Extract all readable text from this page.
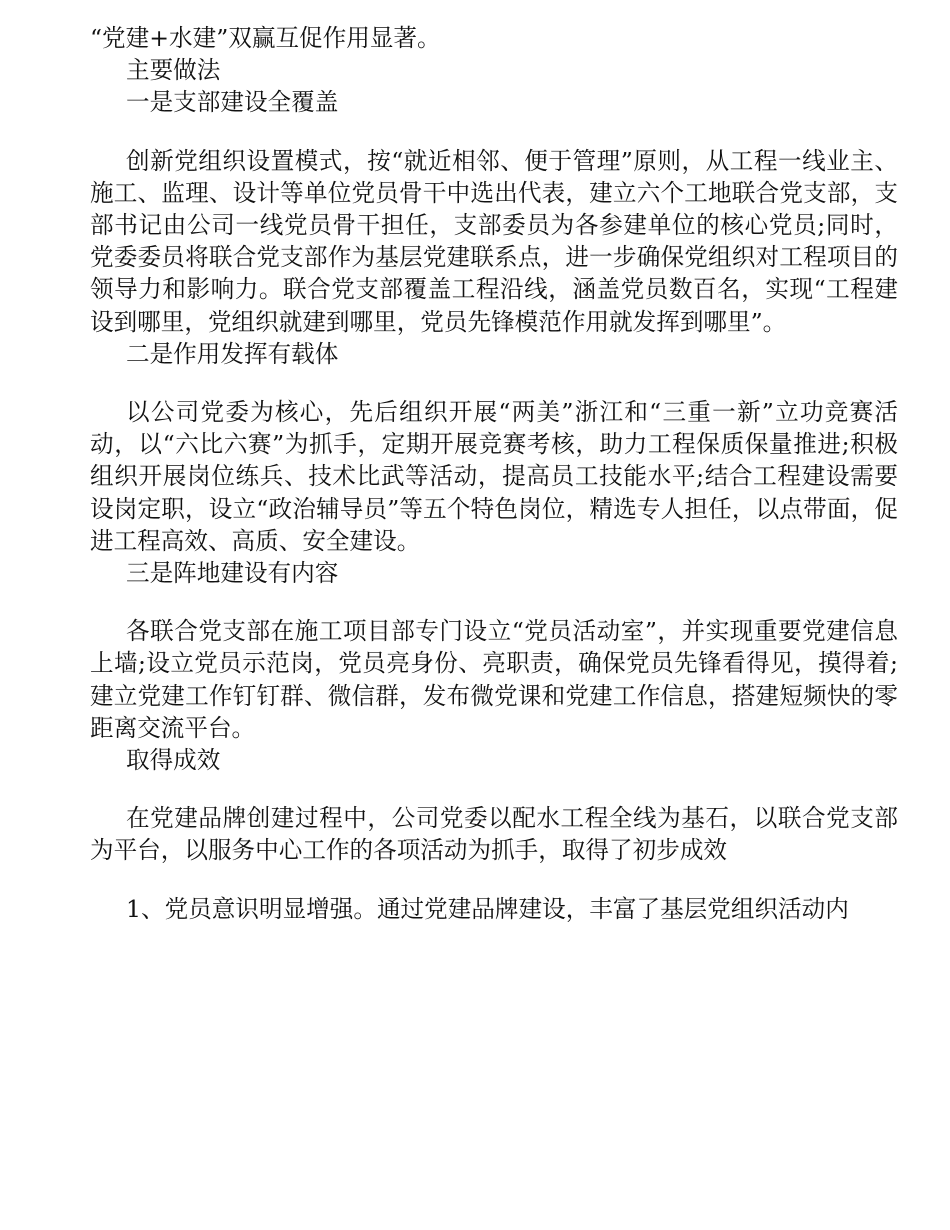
“党建+水建”双赢互促作用显著。

主要做法

一是支部建设全覆盖

创新党组织设置模式，按“就近相邻、便于管理”原则，从工程一线业主、施工、监理、设计等单位党员骨干中选出代表，建立六个工地联合党支部，支部书记由公司一线党员骨干担任，支部委员为各参建单位的核心党员;同时，党委委员将联合党支部作为基层党建联系点，进一步确保党组织对工程项目的领导力和影响力。联合党支部覆盖工程沿线，涵盖党员数百名，实现“工程建设到哪里，党组织就建到哪里，党员先锋模范作用就发挥到哪里”。

二是作用发挥有载体

以公司党委为核心，先后组织开展“两美”浙江和“三重一新”立功竞赛活动，以“六比六赛”为抓手，定期开展竞赛考核，助力工程保质保量推进;积极组织开展岗位练兵、技术比武等活动，提高员工技能水平;结合工程建设需要设岗定职，设立“政治辅导员”等五个特色岗位，精选专人担任，以点带面，促进工程高效、高质、安全建设。

三是阵地建设有内容

各联合党支部在施工项目部专门设立“党员活动室”，并实现重要党建信息上墙;设立党员示范岗，党员亮身份、亮职责，确保党员先锋看得见，摸得着;建立党建工作钉钉群、微信群，发布微党课和党建工作信息，搭建短频快的零距离交流平台。

取得成效

在党建品牌创建过程中，公司党委以配水工程全线为基石，以联合党支部为平台，以服务中心工作的各项活动为抓手，取得了初步成效

1、党员意识明显增强。通过党建品牌建设，丰富了基层党组织活动内
